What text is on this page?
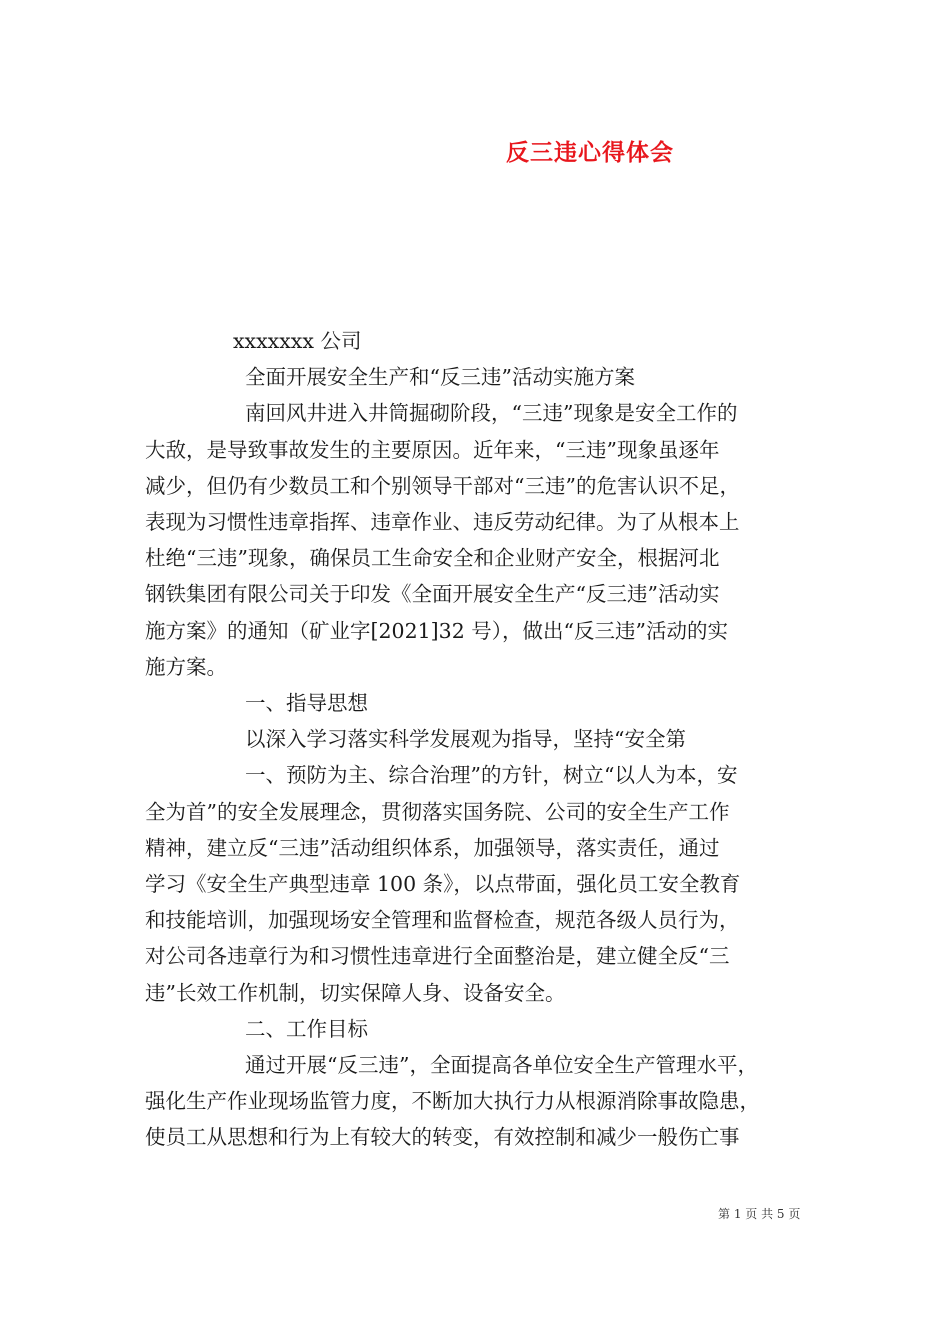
反三违心得体会

xxxxxxx 公司

全面开展安全生产和“反三违”活动实施方案

南回风井进入井筒掘砌阶段，“三违”现象是安全工作的

大敌，是导致事故发生的主要原因。近年来，“三违”现象虽逐年

减少，但仍有少数员工和个别领导干部对“三违”的危害认识不足，

表现为习惯性违章指挥、违章作业、违反劳动纪律。为了从根本上

杜绝“三违”现象，确保员工生命安全和企业财产安全，根据河北

钢铁集团有限公司关于印发《全面开展安全生产“反三违”活动实

施方案》的通知（矿业字[2021]32 号），做出“反三违”活动的实

施方案。

一、指导思想

以深入学习落实科学发展观为指导，坚持“安全第

一、预防为主、综合治理”的方针，树立“以人为本，安

全为首”的安全发展理念，贯彻落实国务院、公司的安全生产工作

精神，建立反“三违”活动组织体系，加强领导，落实责任，通过

学习《安全生产典型违章 100 条》，以点带面，强化员工安全教育

和技能培训，加强现场安全管理和监督检查，规范各级人员行为，

对公司各违章行为和习惯性违章进行全面整治是，建立健全反“三

违”长效工作机制，切实保障人身、设备安全。

二、工作目标

通过开展“反三违”，全面提高各单位安全生产管理水平，

强化生产作业现场监管力度，不断加大执行力从根源消除事故隐患，

使员工从思想和行为上有较大的转变，有效控制和减少一般伤亡事

第 1 页 共 5 页
